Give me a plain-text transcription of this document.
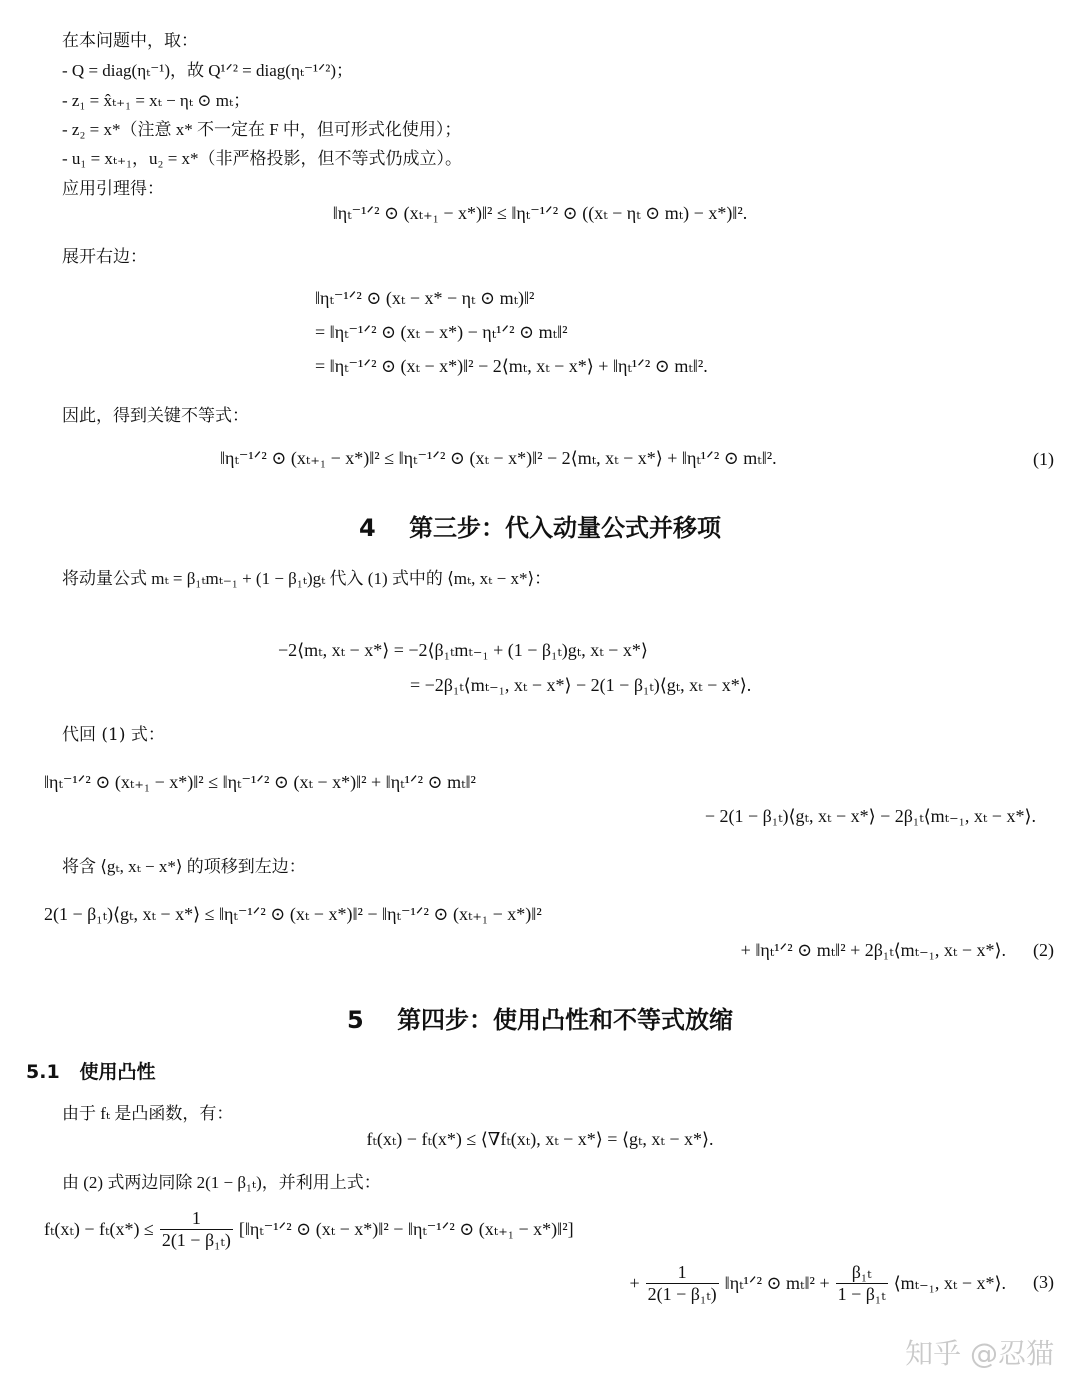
在本问题中，取：
- Q = diag(ηₜ⁻¹)，故 Q¹ᐟ² = diag(ηₜ⁻¹ᐟ²)；
- z₁ = x̂ₜ₊₁ = xₜ − ηₜ ⊙ mₜ；
- z₂ = x*（注意 x* 不一定在 F 中，但可形式化使用）；
- u₁ = xₜ₊₁，u₂ = x*（非严格投影，但不等式仍成立）。
应用引理得：
‖ηₜ⁻¹ᐟ² ⊙ (xₜ₊₁ − x*)‖² ≤ ‖ηₜ⁻¹ᐟ² ⊙ ((xₜ − ηₜ ⊙ mₜ) − x*)‖².
展开右边：
‖ηₜ⁻¹ᐟ² ⊙ (xₜ − x* − ηₜ ⊙ mₜ)‖²
= ‖ηₜ⁻¹ᐟ² ⊙ (xₜ − x*) − ηₜ¹ᐟ² ⊙ mₜ‖²
= ‖ηₜ⁻¹ᐟ² ⊙ (xₜ − x*)‖² − 2⟨mₜ, xₜ − x*⟩ + ‖ηₜ¹ᐟ² ⊙ mₜ‖².
因此，得到关键不等式：
‖ηₜ⁻¹ᐟ² ⊙ (xₜ₊₁ − x*)‖² ≤ ‖ηₜ⁻¹ᐟ² ⊙ (xₜ − x*)‖² − 2⟨mₜ, xₜ − x*⟩ + ‖ηₜ¹ᐟ² ⊙ mₜ‖².	(1)
4 第三步：代入动量公式并移项
将动量公式 mₜ = β₁ₜmₜ₋₁ + (1 − β₁ₜ)gₜ 代入 (1) 式中的 ⟨mₜ, xₜ − x*⟩：
−2⟨mₜ, xₜ − x*⟩ = −2⟨β₁ₜmₜ₋₁ + (1 − β₁ₜ)gₜ, xₜ − x*⟩
= −2β₁ₜ⟨mₜ₋₁, xₜ − x*⟩ − 2(1 − β₁ₜ)⟨gₜ, xₜ − x*⟩.
代回 (1) 式：
‖ηₜ⁻¹ᐟ² ⊙ (xₜ₊₁ − x*)‖² ≤ ‖ηₜ⁻¹ᐟ² ⊙ (xₜ − x*)‖² + ‖ηₜ¹ᐟ² ⊙ mₜ‖²
− 2(1 − β₁ₜ)⟨gₜ, xₜ − x*⟩ − 2β₁ₜ⟨mₜ₋₁, xₜ − x*⟩.
将含 ⟨gₜ, xₜ − x*⟩ 的项移到左边：
2(1 − β₁ₜ)⟨gₜ, xₜ − x*⟩ ≤ ‖ηₜ⁻¹ᐟ² ⊙ (xₜ − x*)‖² − ‖ηₜ⁻¹ᐟ² ⊙ (xₜ₊₁ − x*)‖²
+ ‖ηₜ¹ᐟ² ⊙ mₜ‖² + 2β₁ₜ⟨mₜ₋₁, xₜ − x*⟩. (2)
5 第四步：使用凸性和不等式放缩
5.1 使用凸性
由于 fₜ 是凸函数，有：
fₜ(xₜ) − fₜ(x*) ≤ ⟨∇fₜ(xₜ), xₜ − x*⟩ = ⟨gₜ, xₜ − x*⟩.
由 (2) 式两边同除 2(1 − β₁ₜ)，并利用上式：
$f_t(x_t) - f_t(x*) \le \frac{1}{\text{2(1 − β₁ₜ)}}$ [‖ηₜ⁻¹ᐟ² ⊙ (xₜ − x*)‖² − ‖ηₜ⁻¹ᐟ² ⊙ (xₜ₊₁ − x*)‖²]
+ $\frac{1}{\text{2(1 − β₁ₜ)}}$ ‖ηₜ¹ᐟ² ⊙ mₜ‖² + $\frac{\text{β₁ₜ}}{\text{1 − β₁ₜ}}$ ⟨mₜ₋₁, xₜ − x*⟩. (3)
知乎 @忍猫
